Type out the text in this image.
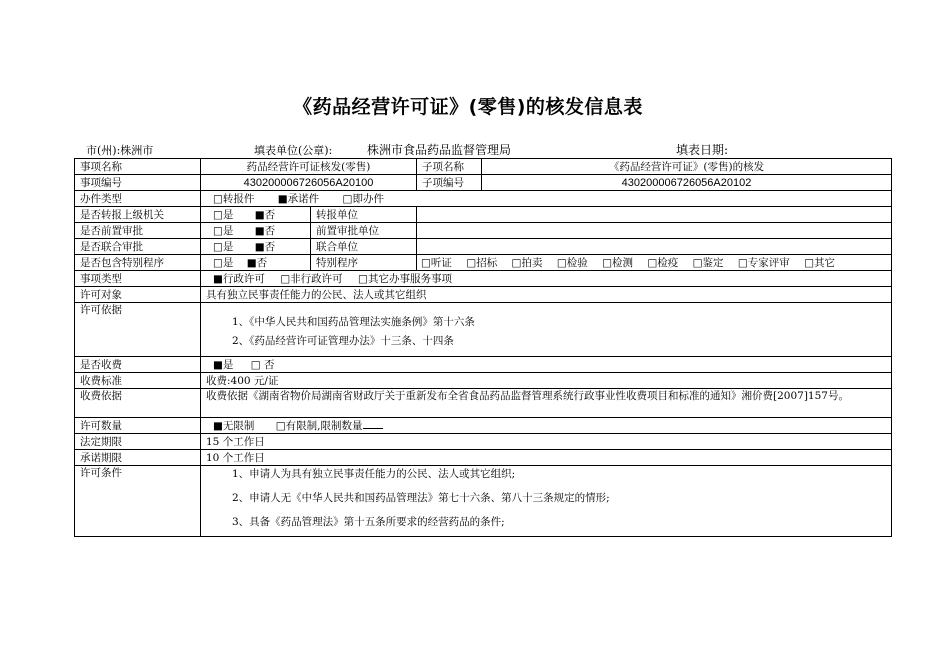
《药品经营许可证》(零售)的核发信息表
市(州):株洲市	填表单位(公章):	株洲市食品药品监督管理局	填表日期:
事项名称	药品经营许可证核发(零售)		子项名称	《药品经营许可证》(零售)的核发
事项编号	430200006726056A20100		子项编号	430200006726056A20102
办件类型	□转报件 ■承诺件 □即办件			
是否转报上级机关	□是 ■否	转报单位		
是否前置审批	□是 ■否	前置审批单位		
是否联合审批	□是 ■否	联合单位		
是否包含特别程序	□是 ■否	特别程序	□听证 □招标 □拍卖 □检验 □检测 □检疫 □鉴定 □专家评审 □其它	
事项类型	■行政许可 □非行政许可 □其它办事服务事项			
许可对象	具有独立民事责任能力的公民、法人或其它组织			
许可依据	1、《中华人民共和国药品管理法实施条例》第十六条
2、《药品经营许可证管理办法》十三条、十四条			

是否收费	■是 □ 否			
收费标准	收费:400 元/证			
收费依据	收费依据《湖南省物价局湖南省财政厅关于重新发布全省食品药品监督管理系统行政事业性收费项目和标准的通知》湘价费[2007]157号。			
许可数量	■无限制 □有限制,限制数量			
法定期限	15 个工作日			
承诺期限	10 个工作日			
许可条件	1、申请人为具有独立民事责任能力的公民、法人或其它组织;
2、申请人无《中华人民共和国药品管理法》第七十六条、第八十三条规定的情形;
3、具备《药品管理法》第十五条所要求的经营药品的条件;			
